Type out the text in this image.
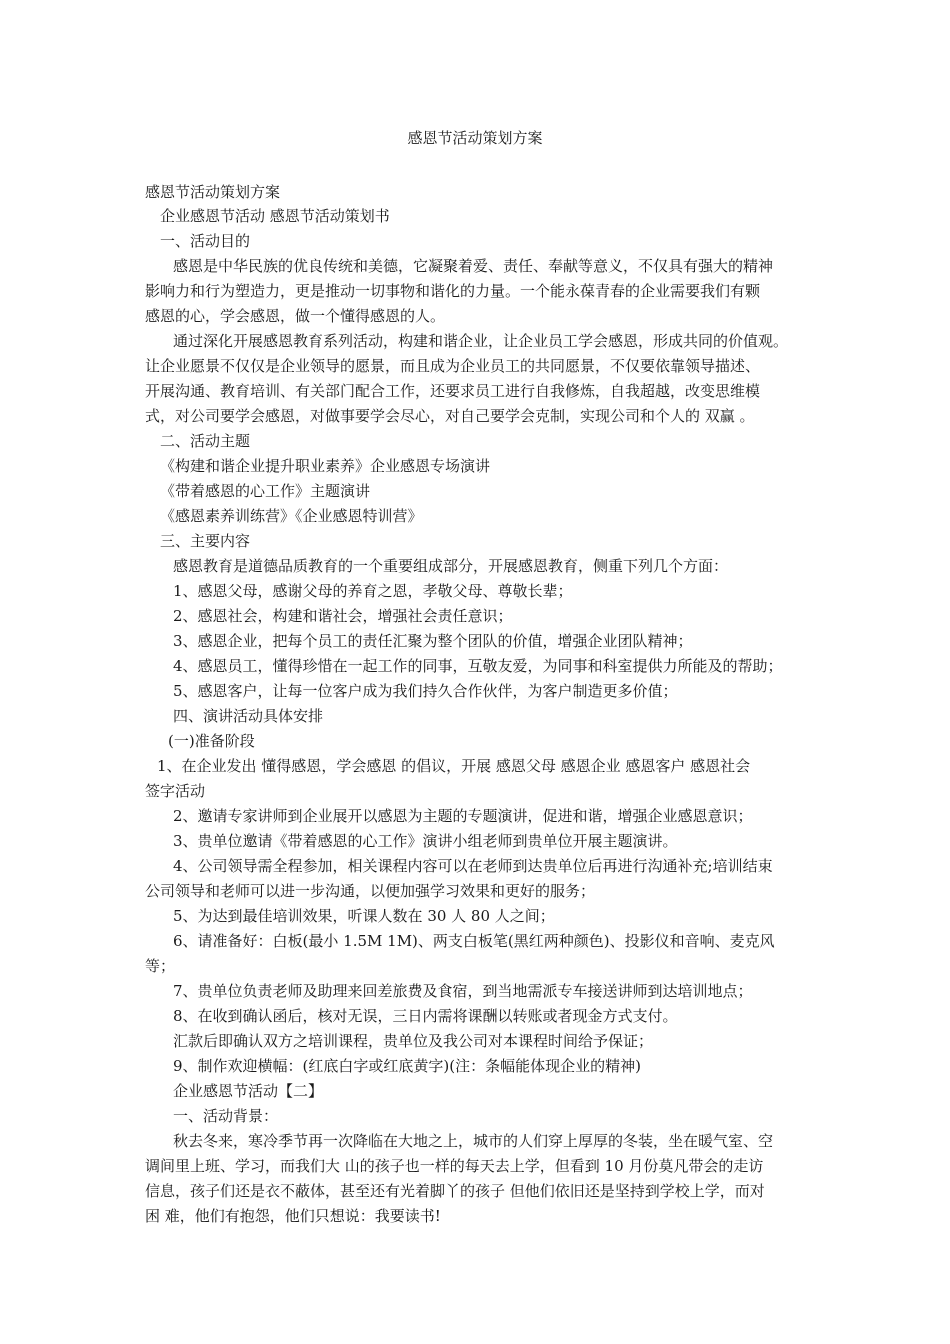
感恩节活动策划方案
感恩节活动策划方案
企业感恩节活动 感恩节活动策划书
一、活动目的
感恩是中华民族的优良传统和美德，它凝聚着爱、责任、奉献等意义，不仅具有强大的精神
影响力和行为塑造力，更是推动一切事物和谐化的力量。一个能永葆青春的企业需要我们有颗
感恩的心，学会感恩，做一个懂得感恩的人。
通过深化开展感恩教育系列活动，构建和谐企业，让企业员工学会感恩，形成共同的价值观。
让企业愿景不仅仅是企业领导的愿景，而且成为企业员工的共同愿景，不仅要依靠领导描述、
开展沟通、教育培训、有关部门配合工作，还要求员工进行自我修炼，自我超越，改变思维模
式，对公司要学会感恩，对做事要学会尽心，对自己要学会克制，实现公司和个人的 双赢 。
二、活动主题
《构建和谐企业提升职业素养》企业感恩专场演讲
《带着感恩的心工作》主题演讲
《感恩素养训练营》《企业感恩特训营》
三、主要内容
感恩教育是道德品质教育的一个重要组成部分，开展感恩教育，侧重下列几个方面：
1、感恩父母，感谢父母的养育之恩，孝敬父母、尊敬长辈；
2、感恩社会，构建和谐社会，增强社会责任意识；
3、感恩企业，把每个员工的责任汇聚为整个团队的价值，增强企业团队精神；
4、感恩员工，懂得珍惜在一起工作的同事，互敬友爱，为同事和科室提供力所能及的帮助；
5、感恩客户，让每一位客户成为我们持久合作伙伴，为客户制造更多价值；
四、演讲活动具体安排
(一)准备阶段
1、在企业发出 懂得感恩，学会感恩 的倡议，开展 感恩父母 感恩企业 感恩客户 感恩社会
签字活动
2、邀请专家讲师到企业展开以感恩为主题的专题演讲，促进和谐，增强企业感恩意识；
3、贵单位邀请《带着感恩的心工作》演讲小组老师到贵单位开展主题演讲。
4、公司领导需全程参加，相关课程内容可以在老师到达贵单位后再进行沟通补充;培训结束
公司领导和老师可以进一步沟通，以便加强学习效果和更好的服务；
5、为达到最佳培训效果，听课人数在 30 人 80 人之间；
6、请准备好：白板(最小 1.5M 1M)、两支白板笔(黑红两种颜色)、投影仪和音响、麦克风
等；
7、贵单位负责老师及助理来回差旅费及食宿，到当地需派专车接送讲师到达培训地点；
8、在收到确认函后，核对无误，三日内需将课酬以转账或者现金方式支付。
汇款后即确认双方之培训课程，贵单位及我公司对本课程时间给予保证；
9、制作欢迎横幅：(红底白字或红底黄字)(注：条幅能体现企业的精神)
企业感恩节活动【二】
一、活动背景：
秋去冬来，寒冷季节再一次降临在大地之上，城市的人们穿上厚厚的冬装，坐在暖气室、空
调间里上班、学习，而我们大 山的孩子也一样的每天去上学，但看到 10 月份莫凡带会的走访
信息，孩子们还是衣不蔽体，甚至还有光着脚丫的孩子 但他们依旧还是坚持到学校上学，而对
困 难，他们有抱怨，他们只想说：我要读书!
